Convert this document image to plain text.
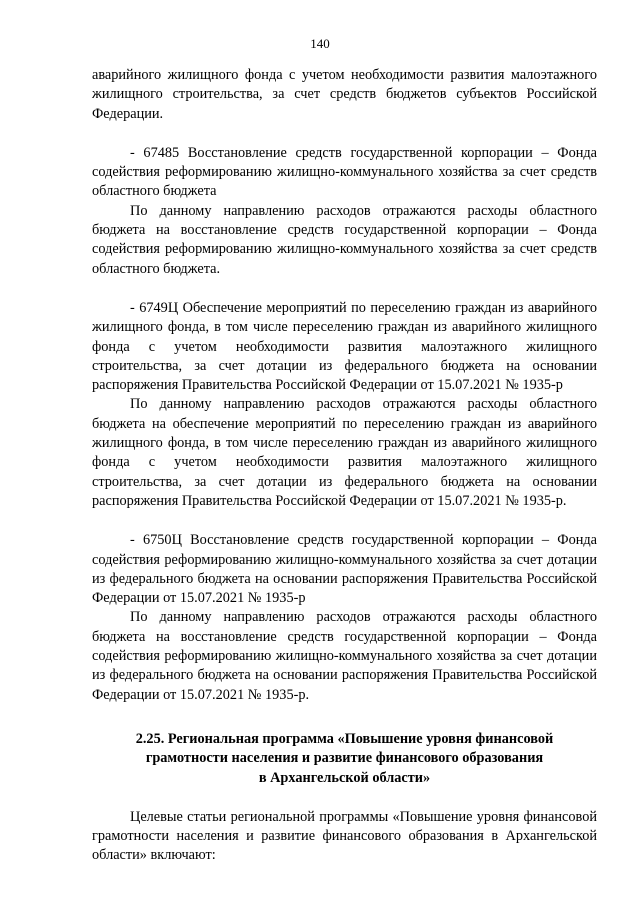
140

аварийного жилищного фонда с учетом необходимости развития малоэтажного жилищного строительства, за счет средств бюджетов субъектов Российской Федерации.

- 67485 Восстановление средств государственной корпорации – Фонда содействия реформированию жилищно-коммунального хозяйства за счет средств областного бюджета

По данному направлению расходов отражаются расходы областного бюджета на восстановление средств государственной корпорации – Фонда содействия реформированию жилищно-коммунального хозяйства за счет средств областного бюджета.

- 6749Ц Обеспечение мероприятий по переселению граждан из аварийного жилищного фонда, в том числе переселению граждан из аварийного жилищного фонда с учетом необходимости развития малоэтажного жилищного строительства, за счет дотации из федерального бюджета на основании распоряжения Правительства Российской Федерации от 15.07.2021 № 1935-р

По данному направлению расходов отражаются расходы областного бюджета на обеспечение мероприятий по переселению граждан из аварийного жилищного фонда, в том числе переселению граждан из аварийного жилищного фонда с учетом необходимости развития малоэтажного жилищного строительства, за счет дотации из федерального бюджета на основании распоряжения Правительства Российской Федерации от 15.07.2021 № 1935-р.

- 6750Ц Восстановление средств государственной корпорации – Фонда содействия реформированию жилищно-коммунального хозяйства за счет дотации из федерального бюджета на основании распоряжения Правительства Российской Федерации от 15.07.2021 № 1935-р

По данному направлению расходов отражаются расходы областного бюджета на восстановление средств государственной корпорации – Фонда содействия реформированию жилищно-коммунального хозяйства за счет дотации из федерального бюджета на основании распоряжения Правительства Российской Федерации от 15.07.2021 № 1935-р.

2.25. Региональная программа «Повышение уровня финансовой
грамотности населения и развитие финансового образования
в Архангельской области»

Целевые статьи региональной программы «Повышение уровня финансовой грамотности населения и развитие финансового образования в Архангельской области» включают:
